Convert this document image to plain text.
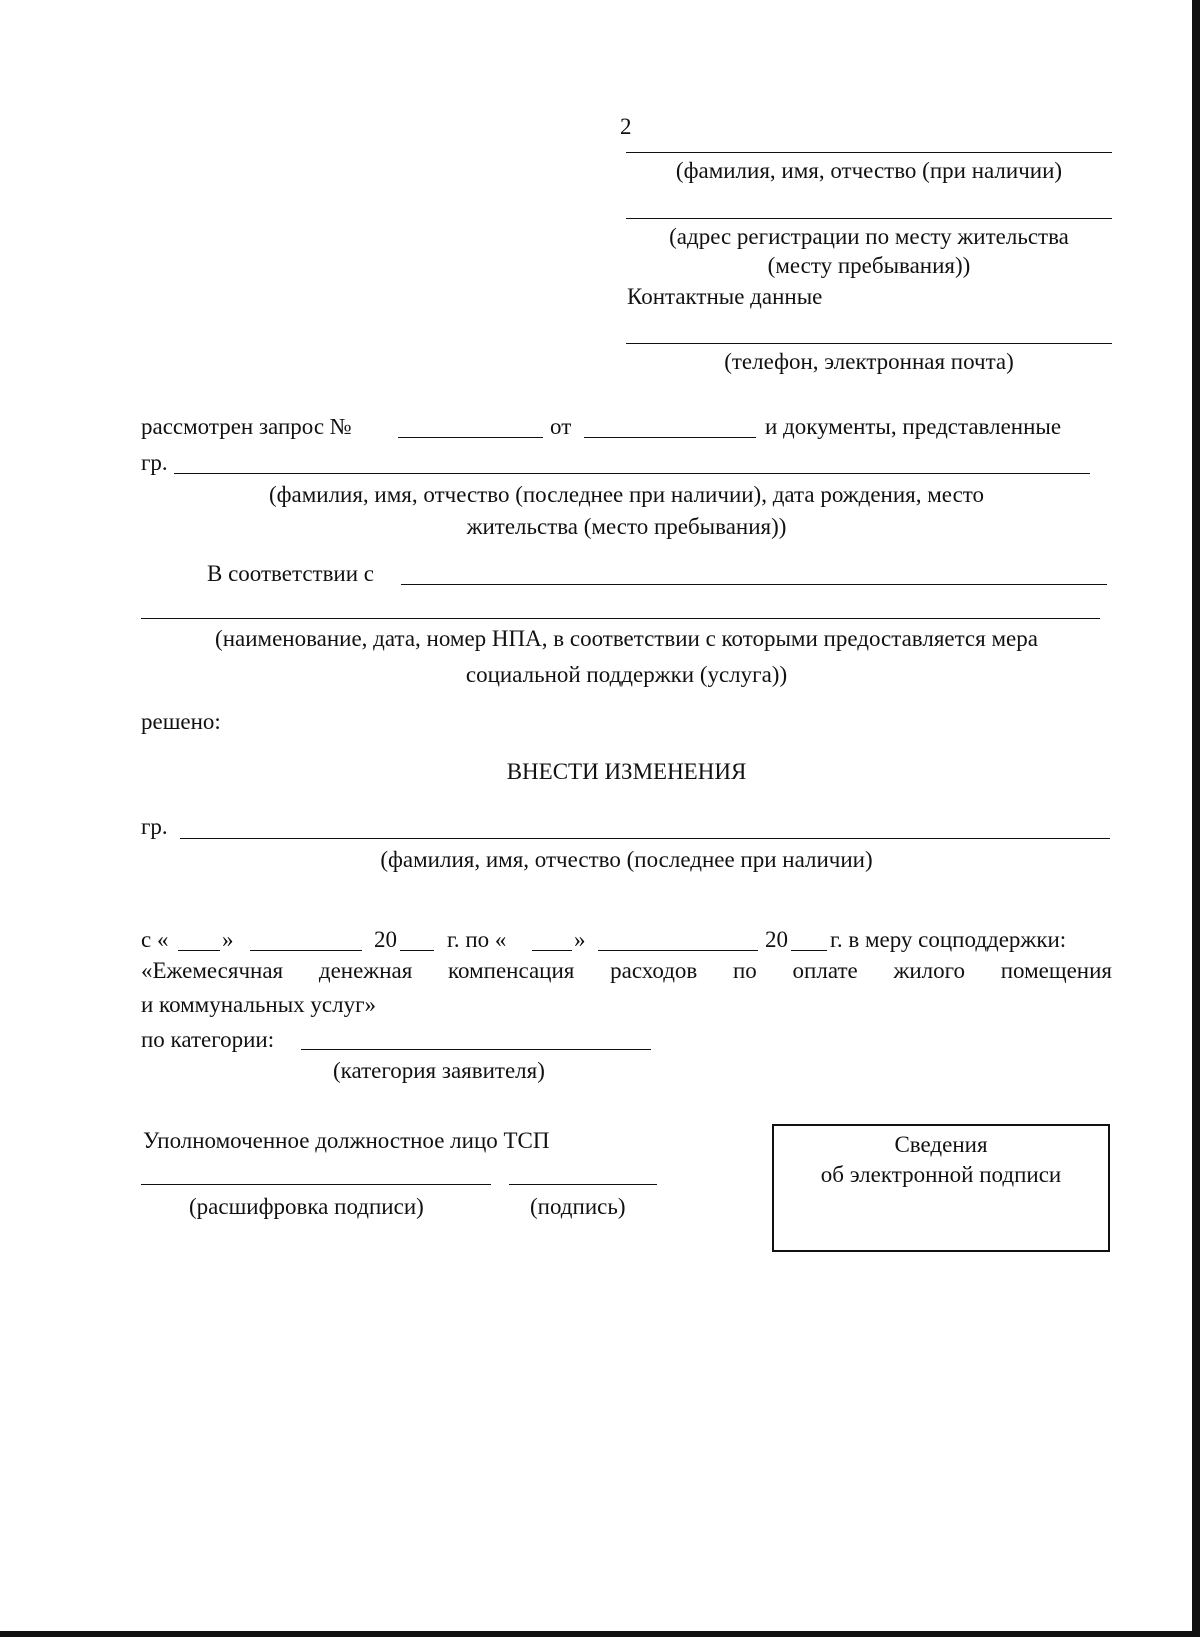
2
(фамилия, имя, отчество (при наличии)
(адрес регистрации по месту жительства
(месту пребывания))
Контактные данные
(телефон, электронная почта)
рассмотрен запрос №	от	и документы, представленные
гр.
(фамилия, имя, отчество (последнее при наличии), дата рождения, место
жительства (место пребывания))
В соответствии с
(наименование, дата, номер НПА, в соответствии с которыми предоставляется мера
социальной поддержки (услуга))
решено:
ВНЕСТИ ИЗМЕНЕНИЯ
гр.
(фамилия, имя, отчество (последнее при наличии)
с « »	20 г. по «	»	20 г. в меру соцподдержки:
«Ежемесячная денежная компенсация расходов по оплате жилого помещения
и коммунальных услуг»
по категории:
(категория заявителя)
Уполномоченное должностное лицо ТСП
(расшифровка подписи)	(подпись)
Сведения
об электронной подписи
